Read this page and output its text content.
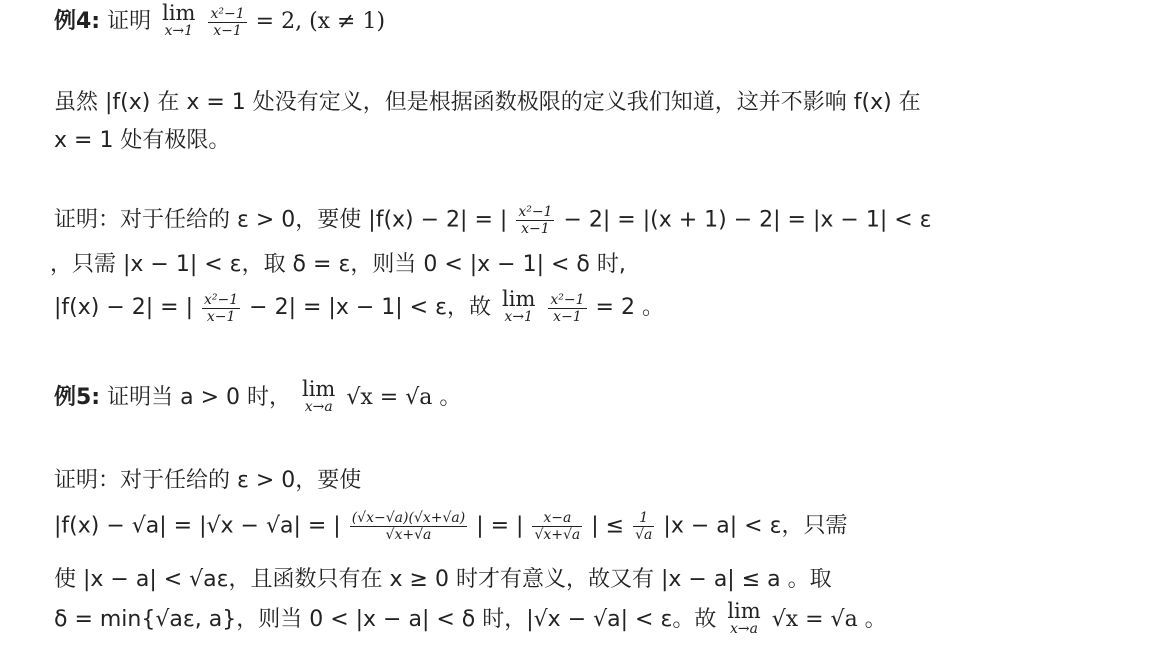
例4: 证明 lim
x→1
$\frac{\text{x²−1}}{x-1} = 2$, (x ≠ 1)
虽然 |f(x) 在 x = 1 处没有定义，但是根据函数极限的定义我们知道，这并不影响 f(x) 在
x = 1 处有极限。
证明：对于任给的 ε > 0，要使 |f(x) − 2| = | $\frac{\text{x²−1}}{x-1} - 2| = |(x + 1) - 2| = |x - 1| < \varepsilon$
，只需 |x − 1| < ε，取 δ = ε，则当 0 < |x − 1| < δ 时,
|f(x) − 2| = | $\frac{\text{x²−1}}{x-1} - 2| = |x - 1| < \varepsilon$，故 lim
x→1
$\frac{\text{x²−1}}{x-1} = 2$ 。
例5: 证明当 a > 0 时， lim
x→a √x = √a 。
证明：对于任给的 ε > 0，要使
|f(x) − √a| = |√x − √a| = | $\frac{(√x-√a)(√x+√a)}{√x+√a}$ | = | $\frac{x-a}{√x+√a}$ | ≤ $\frac{1}{√a} |x - a| < \varepsilon$，只需
使 |x − a| < √aε，且函数只有在 x ≥ 0 时才有意义，故又有 |x − a| ≤ a 。取
δ = min{√aε, a}，则当 0 < |x − a| < δ 时，|√x − √a| < ε。故 lim
x→a √x = √a 。
